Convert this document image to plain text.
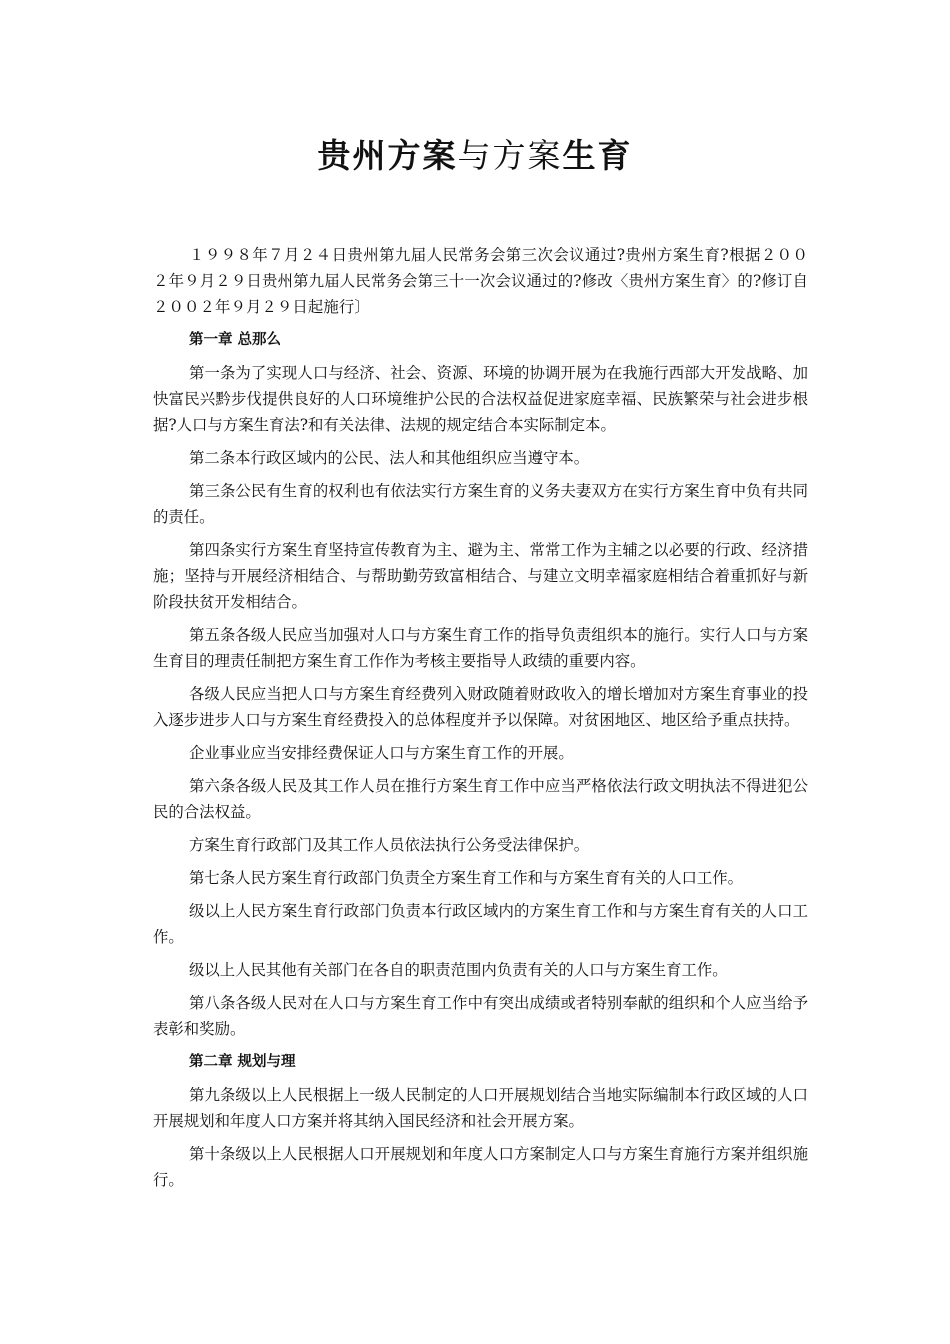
贵州方案与方案生育

１９９８年７月２４日贵州第九届人民常务会第三次会议通过?贵州方案生育?根据２００２年９月２９日贵州第九届人民常务会第三十一次会议通过的?修改〈贵州方案生育〉的?修订自２００２年９月２９日起施行〕

第一章 总那么

第一条为了实现人口与经济、社会、资源、环境的协调开展为在我施行西部大开发战略、加快富民兴黔步伐提供良好的人口环境维护公民的合法权益促进家庭幸福、民族繁荣与社会进步根据?人口与方案生育法?和有关法律、法规的规定结合本实际制定本。

第二条本行政区域内的公民、法人和其他组织应当遵守本。

第三条公民有生育的权利也有依法实行方案生育的义务夫妻双方在实行方案生育中负有共同的责任。

第四条实行方案生育坚持宣传教育为主、避为主、常常工作为主辅之以必要的行政、经济措施；坚持与开展经济相结合、与帮助勤劳致富相结合、与建立文明幸福家庭相结合着重抓好与新阶段扶贫开发相结合。

第五条各级人民应当加强对人口与方案生育工作的指导负责组织本的施行。实行人口与方案生育目的理责任制把方案生育工作作为考核主要指导人政绩的重要内容。

各级人民应当把人口与方案生育经费列入财政随着财政收入的增长增加对方案生育事业的投入逐步进步人口与方案生育经费投入的总体程度并予以保障。对贫困地区、地区给予重点扶持。

企业事业应当安排经费保证人口与方案生育工作的开展。

第六条各级人民及其工作人员在推行方案生育工作中应当严格依法行政文明执法不得进犯公民的合法权益。

方案生育行政部门及其工作人员依法执行公务受法律保护。

第七条人民方案生育行政部门负责全方案生育工作和与方案生育有关的人口工作。

级以上人民方案生育行政部门负责本行政区域内的方案生育工作和与方案生育有关的人口工作。

级以上人民其他有关部门在各自的职责范围内负责有关的人口与方案生育工作。

第八条各级人民对在人口与方案生育工作中有突出成绩或者特别奉献的组织和个人应当给予表彰和奖励。

第二章 规划与理

第九条级以上人民根据上一级人民制定的人口开展规划结合当地实际编制本行政区域的人口开展规划和年度人口方案并将其纳入国民经济和社会开展方案。

第十条级以上人民根据人口开展规划和年度人口方案制定人口与方案生育施行方案并组织施行。
